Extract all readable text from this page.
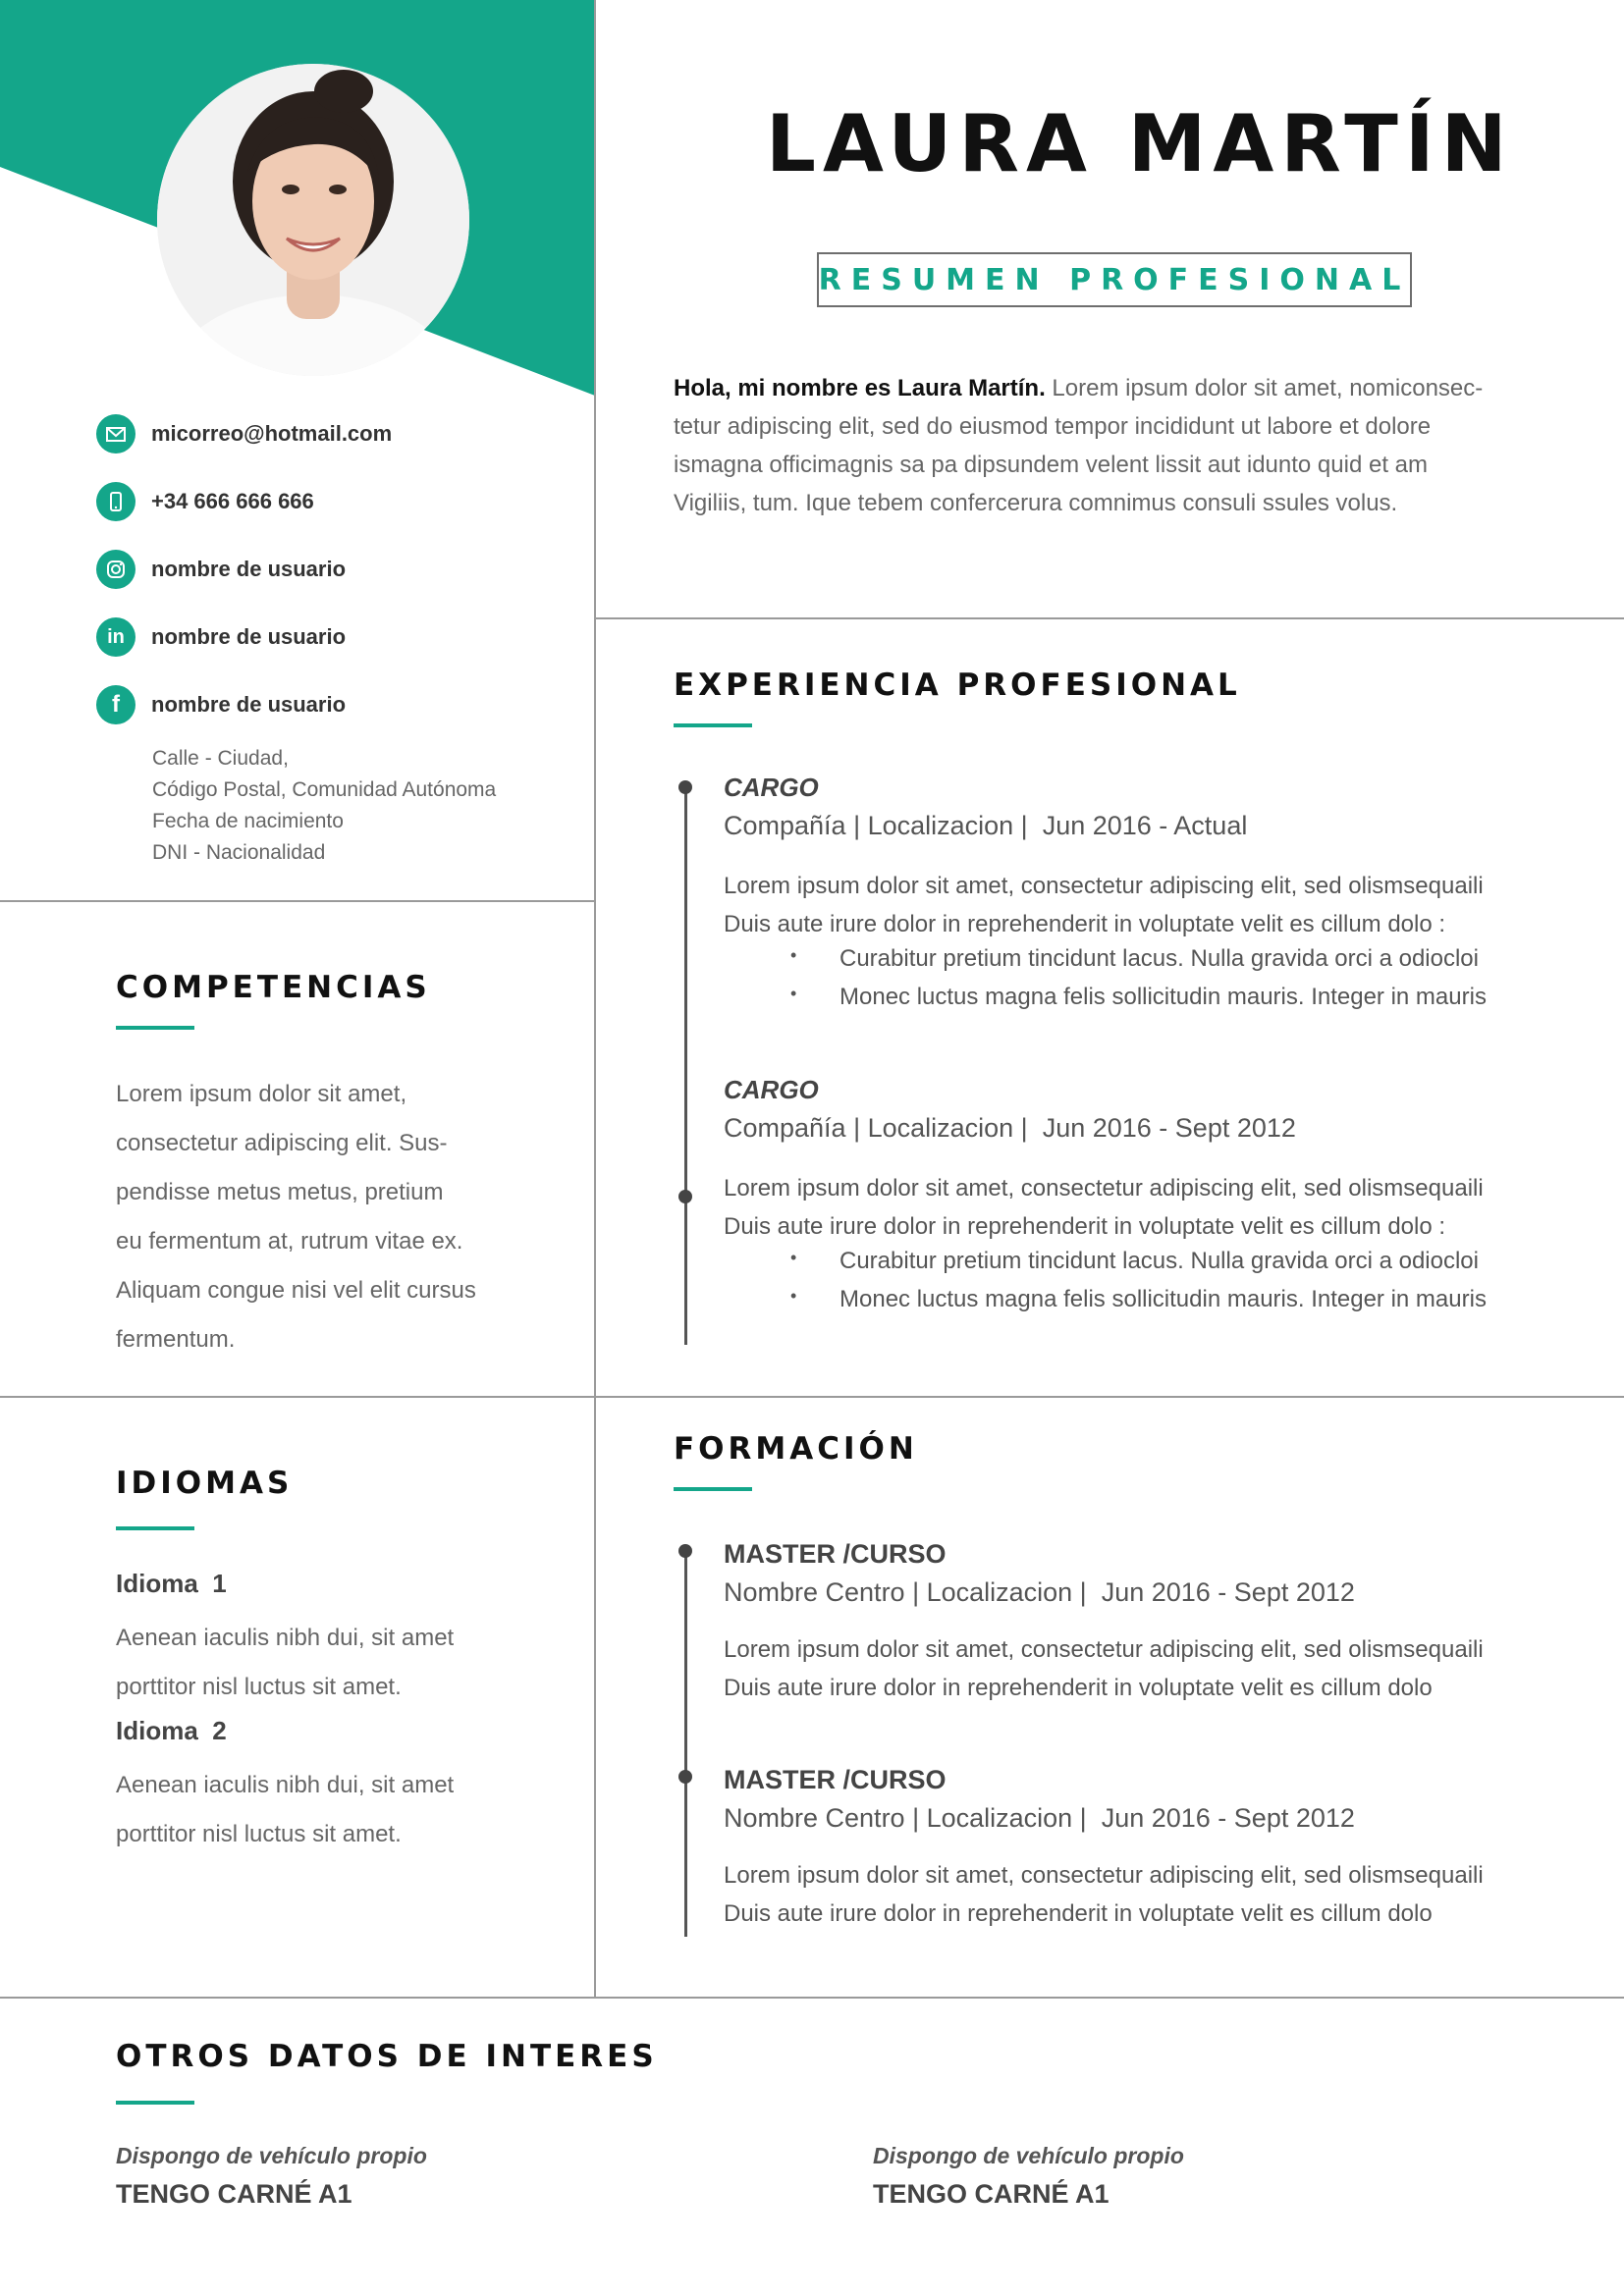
LAURA MARTÍN
RESUMEN PROFESIONAL
Hola, mi nombre es Laura Martín. Lorem ipsum dolor sit amet, nomiconsec-
tetur adipiscing elit, sed do eiusmod tempor incididunt ut labore et dolore
ismagna officimagnis sa pa dipsundem velent lissit aut idunto quid et am
Vigiliis, tum. Ique tebem confercerura comnimus consuli ssules volus.
micorreo@hotmail.com
+34 666 666 666
nombre de usuario
in nombre de usuario
f nombre de usuario
Calle - Ciudad,
Código Postal, Comunidad Autónoma
Fecha de nacimiento
DNI - Nacionalidad
COMPETENCIAS
Lorem ipsum dolor sit amet,
consectetur adipiscing elit. Sus-
pendisse metus metus, pretium
eu fermentum at, rutrum vitae ex.
Aliquam congue nisi vel elit cursus
fermentum.
IDIOMAS
Idioma  1
Aenean iaculis nibh dui, sit amet
porttitor nisl luctus sit amet.
Idioma  2
Aenean iaculis nibh dui, sit amet
porttitor nisl luctus sit amet.
EXPERIENCIA PROFESIONAL
CARGO
Compañía | Localizacion |  Jun 2016 - Actual
Lorem ipsum dolor sit amet, consectetur adipiscing elit, sed olismsequaili
Duis aute irure dolor in reprehenderit in voluptate velit es cillum dolo :
• Curabitur pretium tincidunt lacus. Nulla gravida orci a odiocloi
• Monec luctus magna felis sollicitudin mauris. Integer in mauris
CARGO
Compañía | Localizacion |  Jun 2016 - Sept 2012
Lorem ipsum dolor sit amet, consectetur adipiscing elit, sed olismsequaili
Duis aute irure dolor in reprehenderit in voluptate velit es cillum dolo :
• Curabitur pretium tincidunt lacus. Nulla gravida orci a odiocloi
• Monec luctus magna felis sollicitudin mauris. Integer in mauris
FORMACIÓN
MASTER /CURSO
Nombre Centro | Localizacion |  Jun 2016 - Sept 2012
Lorem ipsum dolor sit amet, consectetur adipiscing elit, sed olismsequaili
Duis aute irure dolor in reprehenderit in voluptate velit es cillum dolo
MASTER /CURSO
Nombre Centro | Localizacion |  Jun 2016 - Sept 2012
Lorem ipsum dolor sit amet, consectetur adipiscing elit, sed olismsequaili
Duis aute irure dolor in reprehenderit in voluptate velit es cillum dolo
OTROS DATOS DE INTERES
Dispongo de vehículo propio
TENGO CARNÉ A1
Dispongo de vehículo propio
TENGO CARNÉ A1
